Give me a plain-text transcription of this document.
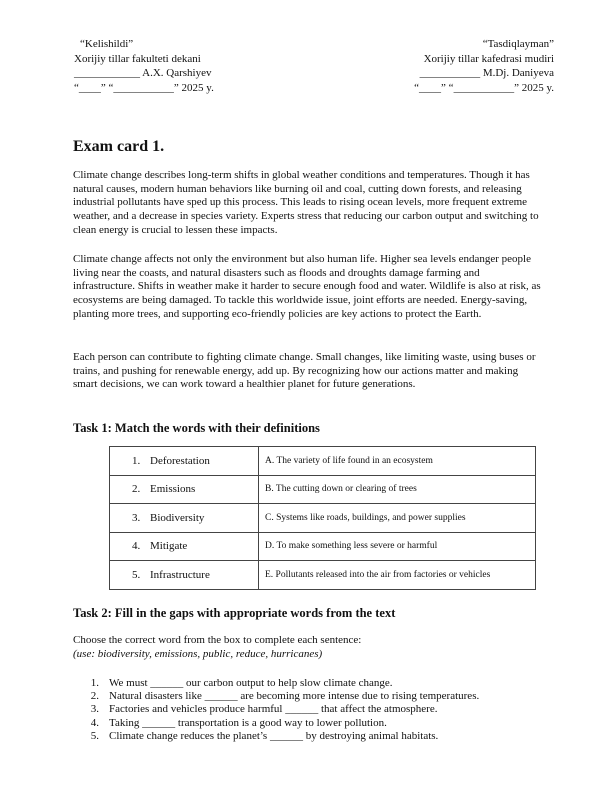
“Kelishildi”
Xorijiy tillar fakulteti dekani
____________ A.X. Qarshiyev
“____” “___________” 2025 y.
“Tasdiqlayman”
Xorijiy tillar kafedrasi mudiri
___________ M.Dj. Daniyeva
“____” “___________” 2025 y.
Exam card 1.

Climate change describes long-term shifts in global weather conditions and temperatures. Though it has natural causes, modern human behaviors like burning oil and coal, cutting down forests, and releasing industrial pollutants have sped up this process. This leads to rising ocean levels, more frequent extreme weather, and a decrease in species variety. Experts stress that reducing our carbon output and switching to clean energy is crucial to lessen these impacts.

Climate change affects not only the environment but also human life. Higher sea levels endanger people living near the coasts, and natural disasters such as floods and droughts damage farming and infrastructure. Shifts in weather make it harder to secure enough food and water. Wildlife is also at risk, as ecosystems are being damaged. To tackle this worldwide issue, joint efforts are needed. Energy-saving, planting more trees, and supporting eco-friendly policies are key actions to protect the Earth.

Each person can contribute to fighting climate change. Small changes, like limiting waste, using buses or trains, and pushing for renewable energy, add up. By recognizing how our actions matter and making smart decisions, we can work toward a healthier planet for future generations.

Task 1: Match the words with their definitions
1. Deforestation	A. The variety of life found in an ecosystem
2. Emissions	B. The cutting down or clearing of trees
3. Biodiversity	C. Systems like roads, buildings, and power supplies
4. Mitigate	D. To make something less severe or harmful
5. Infrastructure	E. Pollutants released into the air from factories or vehicles
Task 2: Fill in the gaps with appropriate words from the text
Choose the correct word from the box to complete each sentence:
(use: biodiversity, emissions, public, reduce, hurricanes)
1. We must ______ our carbon output to help slow climate change.
2. Natural disasters like ______ are becoming more intense due to rising temperatures.
3. Factories and vehicles produce harmful ______ that affect the atmosphere.
4. Taking ______ transportation is a good way to lower pollution.
5. Climate change reduces the planet’s ______ by destroying animal habitats.
